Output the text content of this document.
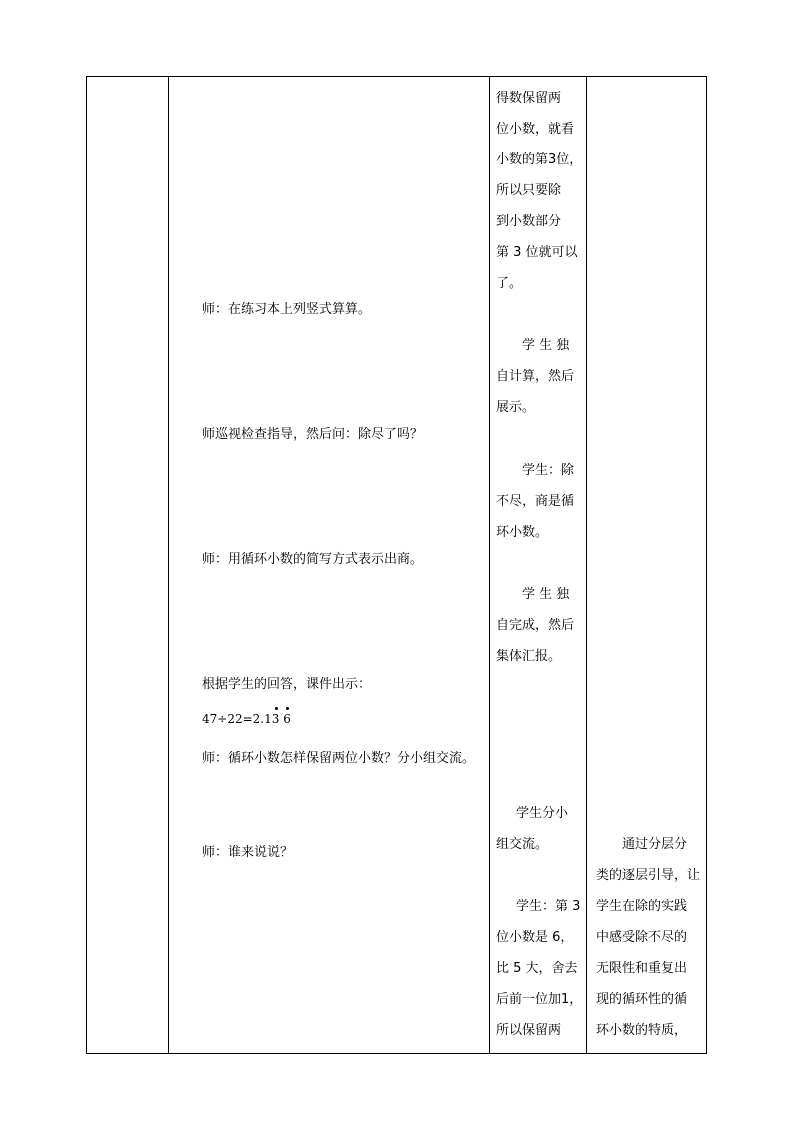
师：在练习本上列竖式算算。
师巡视检查指导，然后问：除尽了吗？
师：用循环小数的简写方式表示出商。
根据学生的回答，课件出示：
47÷22=2.1
3 6
师：循环小数怎样保留两位小数？分小组交流。
师：谁来说说？
得数保留两
位小数，就看
小数的第3位，
所以只要除
到小数部分
第 3 位就可以
了。
学 生 独
自计算，然后
展示。
学生：除
不尽，商是循
环小数。
学 生 独
自完成，然后
集体汇报。
学生分小
组交流。
学生：第 3
位小数是 6，
比 5 大，舍去
后前一位加1，
所以保留两
通过分层分
类的逐层引导，让
学生在除的实践
中感受除不尽的
无限性和重复出
现的循环性的循
环小数的特质，
